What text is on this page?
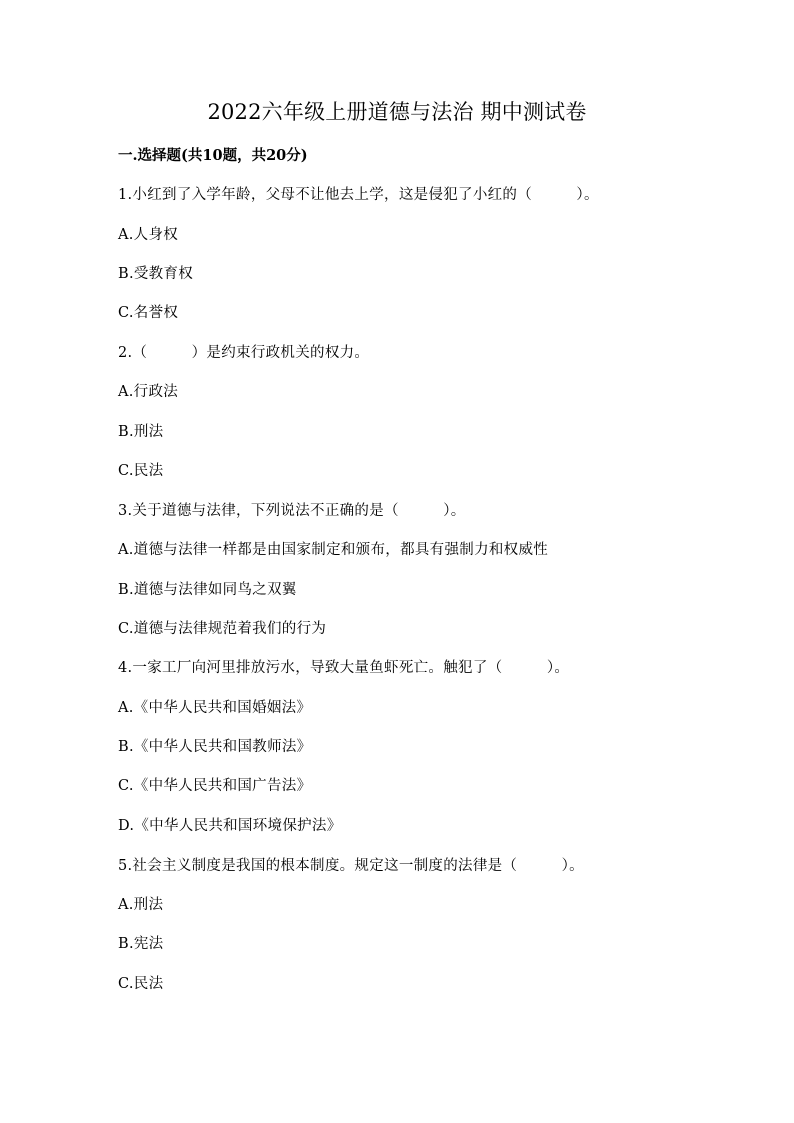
2022六年级上册道德与法治 期中测试卷
一.选择题(共10题，共20分)
1.小红到了入学年龄，父母不让他去上学，这是侵犯了小红的（　　　）。
A.人身权
B.受教育权
C.名誉权
2.（　　　）是约束行政机关的权力。
A.行政法
B.刑法
C.民法
3.关于道德与法律，下列说法不正确的是（　　　）。
A.道德与法律一样都是由国家制定和颁布，都具有强制力和权威性
B.道德与法律如同鸟之双翼
C.道德与法律规范着我们的行为
4.一家工厂向河里排放污水，导致大量鱼虾死亡。触犯了（　　　）。
A.《中华人民共和国婚姻法》
B.《中华人民共和国教师法》
C.《中华人民共和国广告法》
D.《中华人民共和国环境保护法》
5.社会主义制度是我国的根本制度。规定这一制度的法律是（　　　）。
A.刑法
B.宪法
C.民法
